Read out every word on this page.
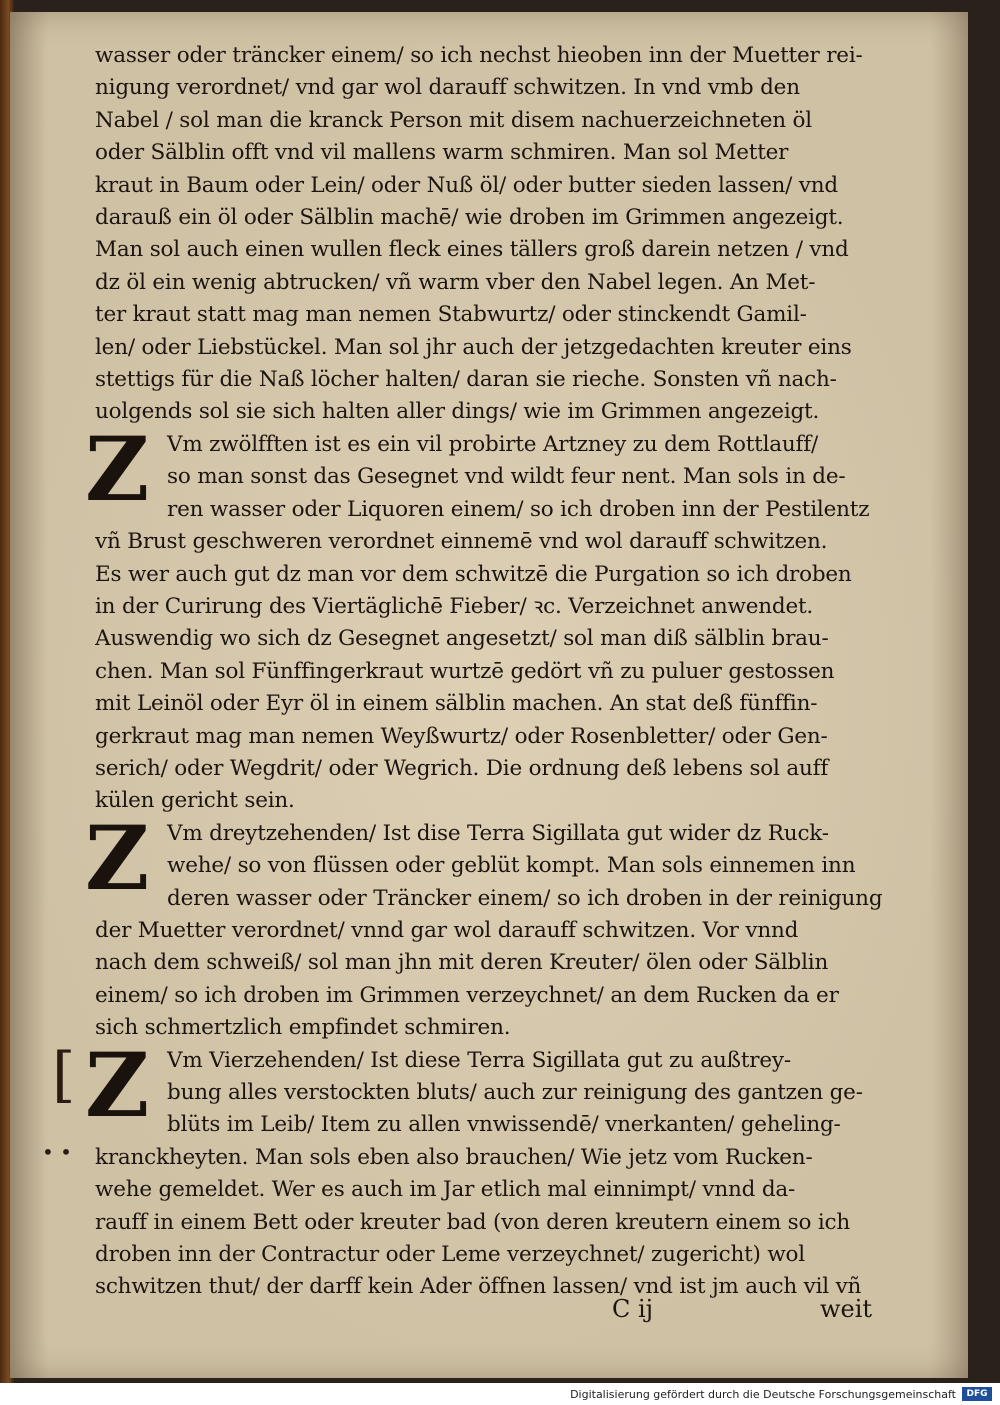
wasser oder träncker einem/ so ich nechst hieoben inn der Muetter rei-
nigung verordnet/ vnd gar wol darauff schwitzen. In vnd vmb den
Nabel / sol man die kranck Person mit disem nachuerzeichneten öl
oder Sälblin offt vnd vil mallens warm schmiren. Man sol Metter
kraut in Baum oder Lein/ oder Nuß öl/ oder butter sieden lassen/ vnd
darauß ein öl oder Sälblin machē/ wie droben im Grimmen angezeigt.
Man sol auch einen wullen fleck eines tällers groß darein netzen / vnd
dz öl ein wenig abtrucken/ vñ warm vber den Nabel legen. An Met-
ter kraut statt mag man nemen Stabwurtz/ oder stinckendt Gamil-
len/ oder Liebstückel. Man sol jhr auch der jetzgedachten kreuter eins
stettigs für die Naß löcher halten/ daran sie rieche. Sonsten vñ nach-
uolgends sol sie sich halten aller dings/ wie im Grimmen angezeigt.
Z Vm zwölfften ist es ein vil probirte Artzney zu dem Rottlauff/
so man sonst das Gesegnet vnd wildt feur nent. Man sols in de-
ren wasser oder Liquoren einem/ so ich droben inn der Pestilentz
vñ Brust geschweren verordnet einnemē vnd wol darauff schwitzen.
Es wer auch gut dz man vor dem schwitzē die Purgation so ich droben
in der Curirung des Viertäglichē Fieber/ ꝛc. Verzeichnet anwendet.
Auswendig wo sich dz Gesegnet angesetzt/ sol man diß sälblin brau-
chen. Man sol Fünffingerkraut wurtzē gedört vñ zu puluer gestossen
mit Leinöl oder Eyr öl in einem sälblin machen. An stat deß fünffin-
gerkraut mag man nemen Weyßwurtz/ oder Rosenbletter/ oder Gen-
serich/ oder Wegdrit/ oder Wegrich. Die ordnung deß lebens sol auff
külen gericht sein.
Z Vm dreytzehenden/ Ist dise Terra Sigillata gut wider dz Ruck-
wehe/ so von flüssen oder geblüt kompt. Man sols einnemen inn
deren wasser oder Träncker einem/ so ich droben in der reinigung
der Muetter verordnet/ vnnd gar wol darauff schwitzen. Vor vnnd
nach dem schweiß/ sol man jhn mit deren Kreuter/ ölen oder Sälblin
einem/ so ich droben im Grimmen verzeychnet/ an dem Rucken da er
sich schmertzlich empfindet schmiren.
Z Vm Vierzehenden/ Ist diese Terra Sigillata gut zu außtrey-
bung alles verstockten bluts/ auch zur reinigung des gantzen ge-
blüts im Leib/ Item zu allen vnwissendē/ vnerkanten/ geheling-
kranckheyten. Man sols eben also brauchen/ Wie jetz vom Rucken-
wehe gemeldet. Wer es auch im Jar etlich mal einnimpt/ vnnd da-
rauff in einem Bett oder kreuter bad (von deren kreutern einem so ich
droben inn der Contractur oder Leme verzeychnet/ zugericht) wol
schwitzen thut/ der darff kein Ader öffnen lassen/ vnd ist jm auch vil vñ
[
• •
C ij	weit
Digitalisierung gefördert durch die Deutsche Forschungsgemeinschaft	DFG
